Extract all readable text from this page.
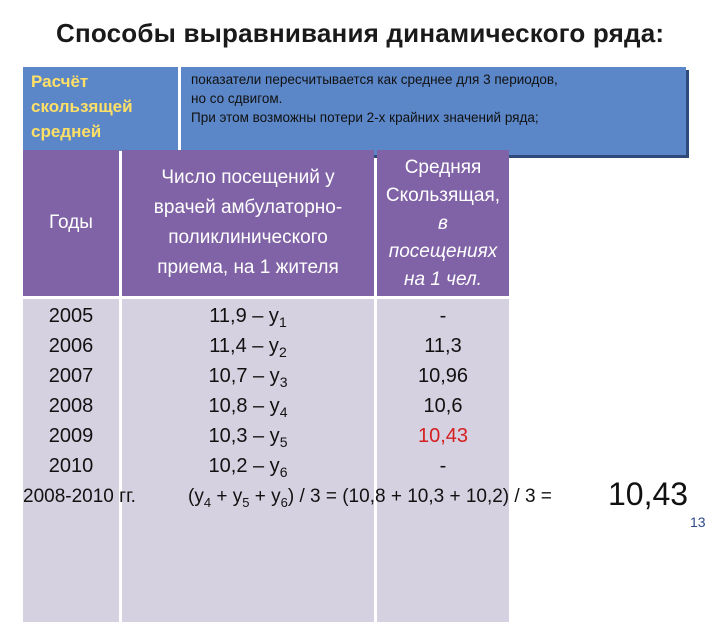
Способы выравнивания динамического ряда:
Расчёт
скользящей
средней
показатели пересчитывается как среднее для 3 периодов,
но со сдвигом.
При этом возможны потери 2-х крайних значений ряда;
Годы
Число посещений у
врачей амбулаторно-
поликлинического
приема, на 1 жителя
Средняя
Скользящая,
в
посещениях
на 1 чел.
2005
2006
2007
2008
2009
2010
$11,9 - y_1$
$11,4 - y_2$
$10,7 - y_3$
$10,8 - y_4$
$10,3 - y_5$
$10,2 - y_6$
-
11,3
10,96
10,6
10,43
-
2008-2010 гг.	$(y_4 + y_5 + y_6) / 3 = (10,8 + 10,3 + 10,2) / 3 = 10,43$
13
